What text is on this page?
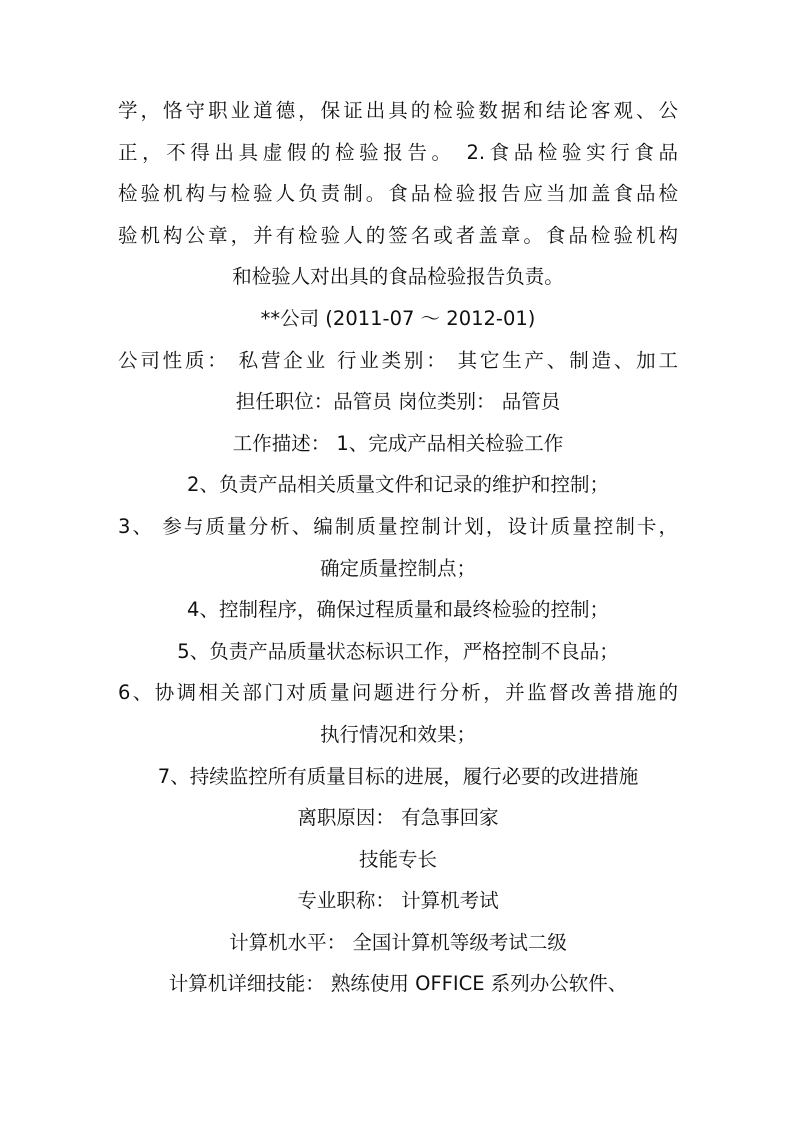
学，恪守职业道德，保证出具的检验数据和结论客观、公
正，不得出具虚假的检验报告。 2.食品检验实行食品
检验机构与检验人负责制。食品检验报告应当加盖食品检
验机构公章，并有检验人的签名或者盖章。食品检验机构
和检验人对出具的食品检验报告负责。
**公司 (2011-07 ～ 2012-01)
公司性质： 私营企业 行业类别： 其它生产、制造、加工
担任职位：品管员 岗位类别： 品管员
工作描述： 1、完成产品相关检验工作
2、负责产品相关质量文件和记录的维护和控制；
3、 参与质量分析、编制质量控制计划，设计质量控制卡，
确定质量控制点；
4、控制程序，确保过程质量和最终检验的控制；
5、负责产品质量状态标识工作，严格控制不良品；
6、协调相关部门对质量问题进行分析，并监督改善措施的
执行情况和效果；
7、持续监控所有质量目标的进展，履行必要的改进措施
离职原因： 有急事回家
技能专长
专业职称： 计算机考试
计算机水平： 全国计算机等级考试二级
计算机详细技能： 熟练使用 OFFICE 系列办公软件、
